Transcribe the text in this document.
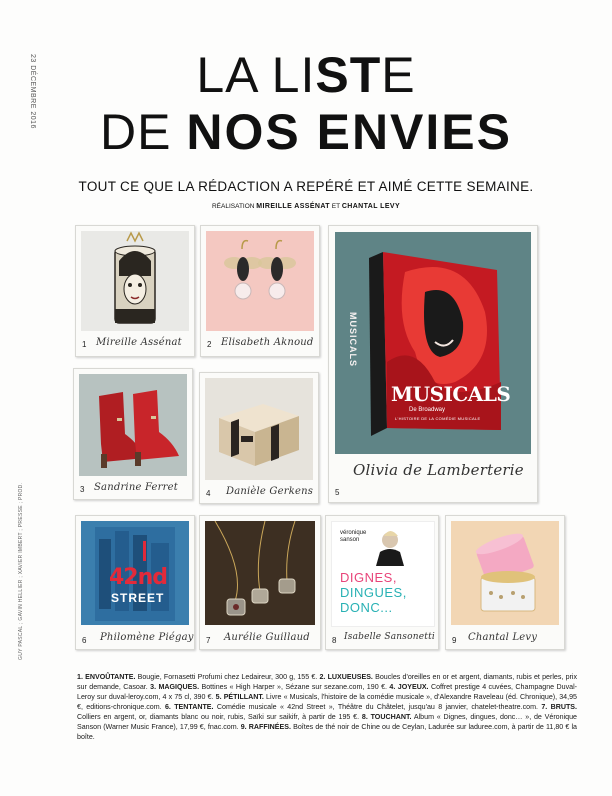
23 DÉCEMBRE 2016
GUY PASCAL ; GAVIN HELLIER ; XAVIER IMBERT ; PRESSE ; PROD.
LA LISTE
DE NOS ENVIES
TOUT CE QUE LA RÉDACTION A REPÉRÉ ET AIMÉ CETTE SEMAINE.
RÉALISATION MIREILLE ASSÉNAT ET CHANTAL LEVY
1 Mireille Assénat	2 Elisabeth Aknoud	MUSICALS
MUSICALS
De Broadway
L'HISTOIRE DE LA COMÉDIE MUSICALE
5
Olivia de Lamberterie
3 Sandrine Ferret
4 Danièle Gerkens
42nd
STREET
6 Philomène Piégay 7 Aurélie Guillaud
véronique
sanson
DIGNES,
DINGUES,
DONC...
8 Isabelle Sansonetti 9 Chantal Levy
1. ENVOÛTANTE. Bougie, Fornasetti Profumi chez Ledaireur, 300 g, 155 €. 2. LUXUEUSES. Boucles d'oreilles en or et argent, diamants, rubis et perles, prix sur demande, Casoar. 3. MAGIQUES. Bottines « High Harper », Sézane sur sezane.com, 190 €. 4. JOYEUX. Coffret prestige 4 cuvées, Champagne Duval-Leroy sur duval-leroy.com, 4 x 75 cl, 390 €. 5. PÉTILLANT. Livre « Musicals, l'histoire de la comédie musicale », d'Alexandre Raveleau (éd. Chronique), 34,95 €, editions-chronique.com. 6. TENTANTE. Comédie musicale « 42nd Street », Théâtre du Châtelet, jusqu'au 8 janvier, chatelet-theatre.com. 7. BRUTS. Colliers en argent, or, diamants blanc ou noir, rubis, Saïki sur saikifr, à partir de 195 €. 8. TOUCHANT. Album « Dignes, dingues, donc… », de Véronique Sanson (Warner Music France), 17,99 €, fnac.com. 9. RAFFINÉES. Boîtes de thé noir de Chine ou de Ceylan, Ladurée sur laduree.com, à partir de 11,80 € la boîte.
